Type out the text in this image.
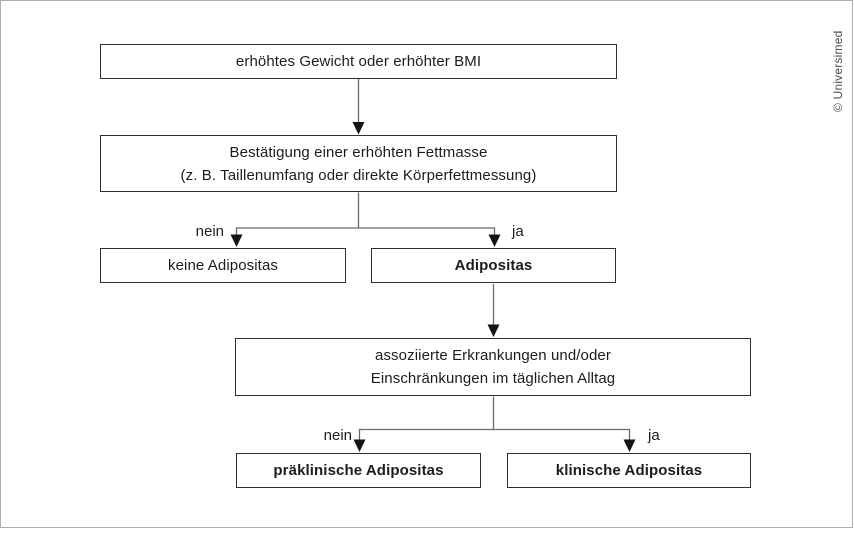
erhöhtes Gewicht oder erhöhter BMI
Bestätigung einer erhöhten Fettmasse
(z. B. Taillenumfang oder direkte Körperfettmessung)
nein	ja
keine Adipositas	Adipositas
assoziierte Erkrankungen und/oder
Einschränkungen im täglichen Alltag
nein	ja
präklinische Adipositas	klinische Adipositas
© Universimed
